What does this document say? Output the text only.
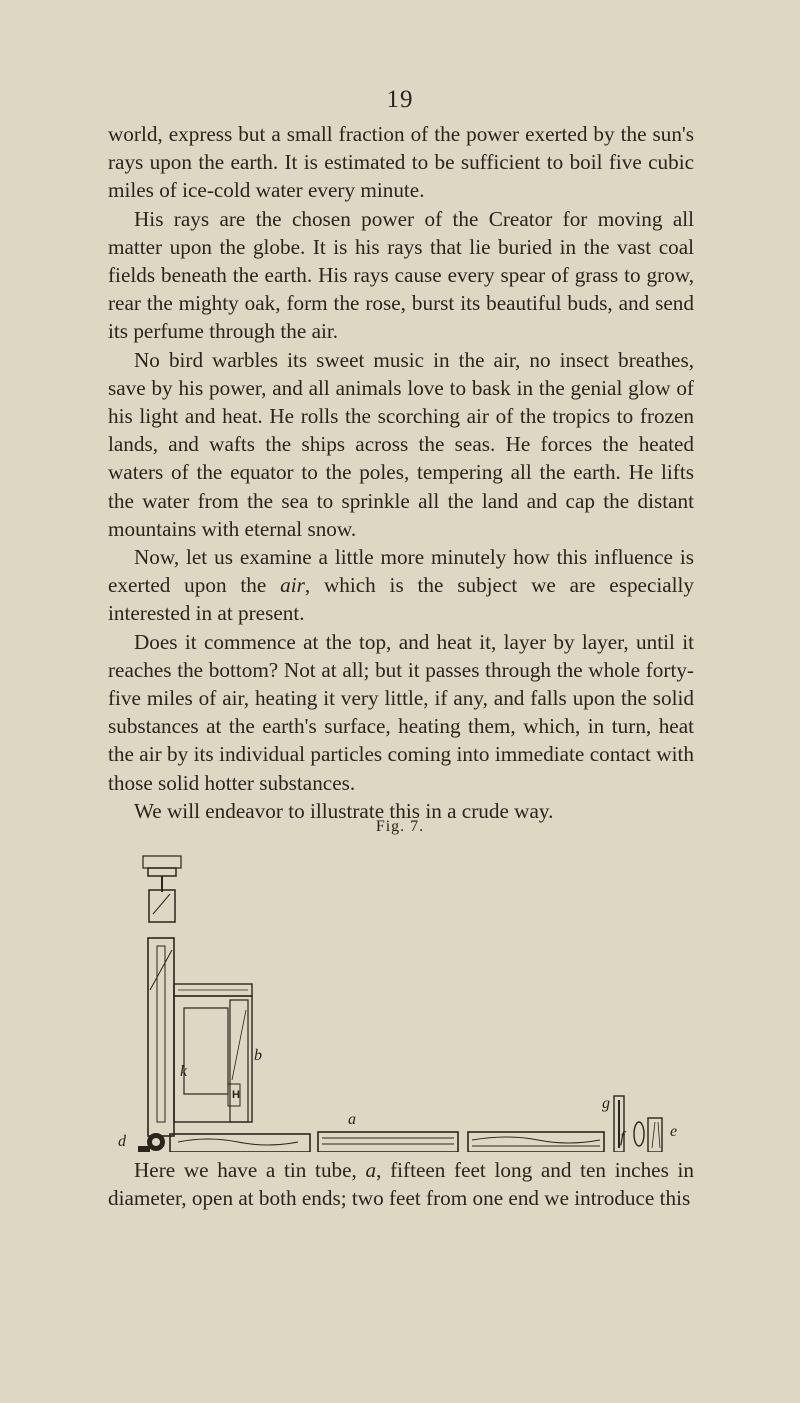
19

world, express but a small fraction of the power exerted by the sun's rays upon the earth. It is estimated to be sufficient to boil five cubic miles of ice-cold water every minute.

His rays are the chosen power of the Creator for moving all matter upon the globe. It is his rays that lie buried in the vast coal fields beneath the earth. His rays cause every spear of grass to grow, rear the mighty oak, form the rose, burst its beautiful buds, and send its perfume through the air.

No bird warbles its sweet music in the air, no insect breathes, save by his power, and all animals love to bask in the genial glow of his light and heat. He rolls the scorching air of the tropics to frozen lands, and wafts the ships across the seas. He forces the heated waters of the equator to the poles, tempering all the earth. He lifts the water from the sea to sprinkle all the land and cap the distant mountains with eternal snow.

Now, let us examine a little more minutely how this influence is exerted upon the air, which is the subject we are especially interested in at present.

Does it commence at the top, and heat it, layer by layer, until it reaches the bottom? Not at all; but it passes through the whole forty-five miles of air, heating it very little, if any, and falls upon the solid substances at the earth's surface, heating them, which, in turn, heat the air by its individual particles coming into immediate contact with those solid hotter substances.

We will endeavor to illustrate this in a crude way.

Fig. 7.
k
b
H
a
g
d
e
f

Here we have a tin tube, a, fifteen feet long and ten inches in diameter, open at both ends; two feet from one end we introduce this
